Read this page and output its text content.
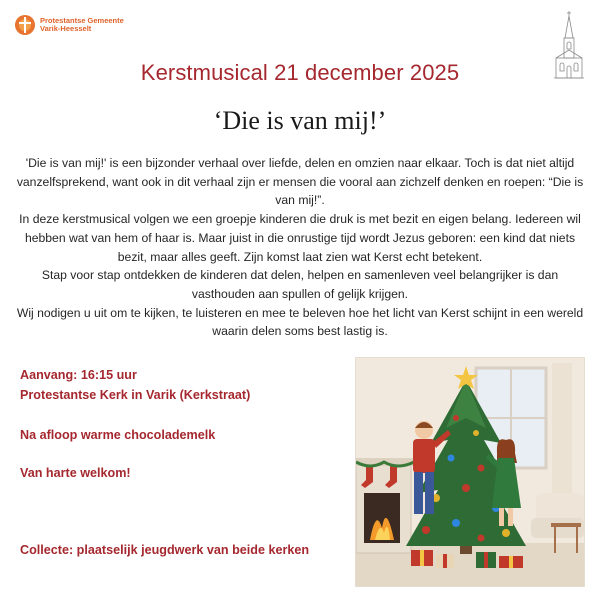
Protestantse Gemeente
Varik-Heesselt
Kerstmusical 21 december 2025
‘Die is van mij!’

'Die is van mij!' is een bijzonder verhaal over liefde, delen en omzien naar elkaar. Toch is dat niet altijd vanzelfsprekend, want ook in dit verhaal zijn er mensen die vooral aan zichzelf denken en roepen: “Die is van mij!”.

In deze kerstmusical volgen we een groepje kinderen die druk is met bezit en eigen belang. Iedereen wil hebben wat van hem of haar is. Maar juist in die onrustige tijd wordt Jezus geboren: een kind dat niets bezit, maar alles geeft. Zijn komst laat zien wat Kerst echt betekent.

Stap voor stap ontdekken de kinderen dat delen, helpen en samenleven veel belangrijker is dan vasthouden aan spullen of gelijk krijgen.

Wij nodigen u uit om te kijken, te luisteren en mee te beleven hoe het licht van Kerst schijnt in een wereld waarin delen soms best lastig is.

Aanvang: 16:15 uur
Protestantse Kerk in Varik (Kerkstraat)
Na afloop warme chocolademelk
Van harte welkom!
Collecte: plaatselijk jeugdwerk van beide kerken
